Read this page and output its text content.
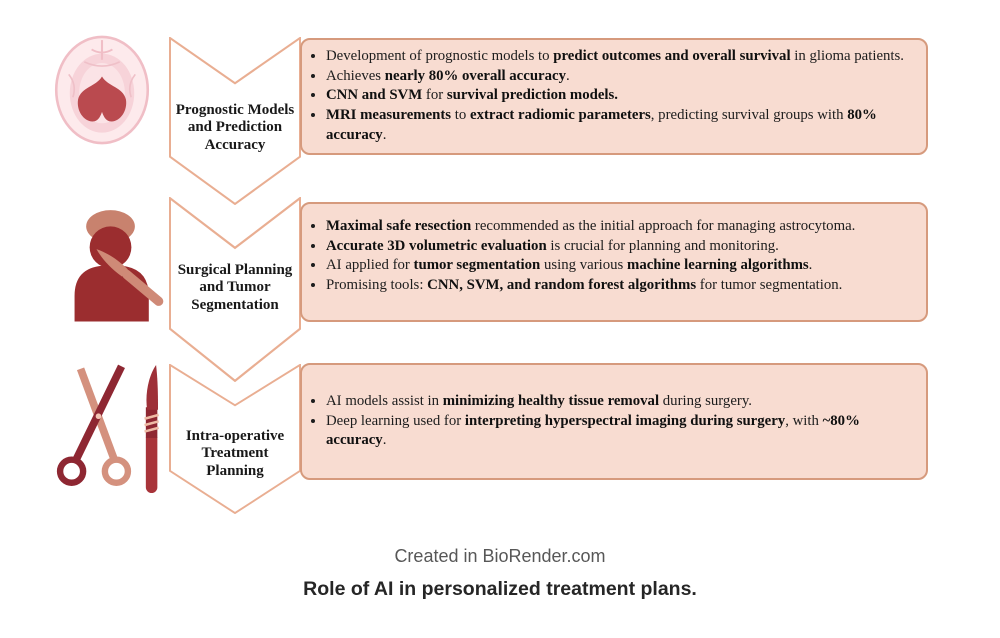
Prognostic Models and Prediction Accuracy
• Development of prognostic models to predict outcomes and overall survival in glioma patients.
• Achieves nearly 80% overall accuracy.
• CNN and SVM for survival prediction models.
• MRI measurements to extract radiomic parameters, predicting survival groups with 80% accuracy.
Surgical Planning and Tumor Segmentation
• Maximal safe resection recommended as the initial approach for managing astrocytoma.
• Accurate 3D volumetric evaluation is crucial for planning and monitoring.
• AI applied for tumor segmentation using various machine learning algorithms.
• Promising tools: CNN, SVM, and random forest algorithms for tumor segmentation.
Intra-operative Treatment Planning
• AI models assist in minimizing healthy tissue removal during surgery.
• Deep learning used for interpreting hyperspectral imaging during surgery, with ~80% accuracy.
Created in BioRender.com
Role of AI in personalized treatment plans.
